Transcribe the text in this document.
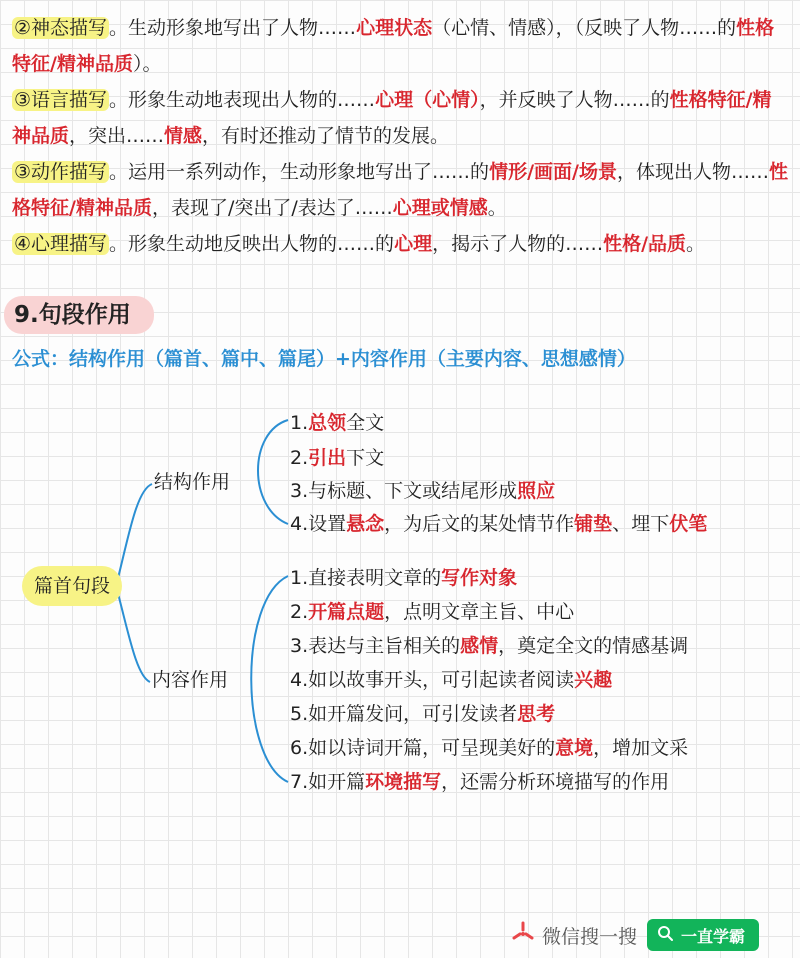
②神态描写 。生动形象地写出了人物……心理状态（心情、情感），（反映了人物……的性格特征/精神品质）。
③语言描写 。形象生动地表现出人物的……心理（心情），并反映了人物……的性格特征/精神品质，突出……情感，有时还推动了情节的发展。
③动作描写 。运用一系列动作，生动形象地写出了……的情形/画面/场景，体现出人物……性格特征/精神品质，表现了/突出了/表达了……心理或情感。
④心理描写 。形象生动地反映出人物的……的心理，揭示了人物的……性格/品质。
9.句段作用
公式：结构作用（篇首、篇中、篇尾）+内容作用（主要内容、思想感情）
篇首句段
结构作用
内容作用
1.总领全文
2.引出下文
3.与标题、下文或结尾形成照应
4.设置悬念，为后文的某处情节作铺垫、埋下伏笔
1.直接表明文章的写作对象
2.开篇点题，点明文章主旨、中心
3.表达与主旨相关的感情，奠定全文的情感基调
4.如以故事开头，可引起读者阅读兴趣
5.如开篇发问，可引发读者思考
6.如以诗词开篇，可呈现美好的意境，增加文采
7.如开篇环境描写，还需分析环境描写的作用
微信搜一搜	一直学霸
